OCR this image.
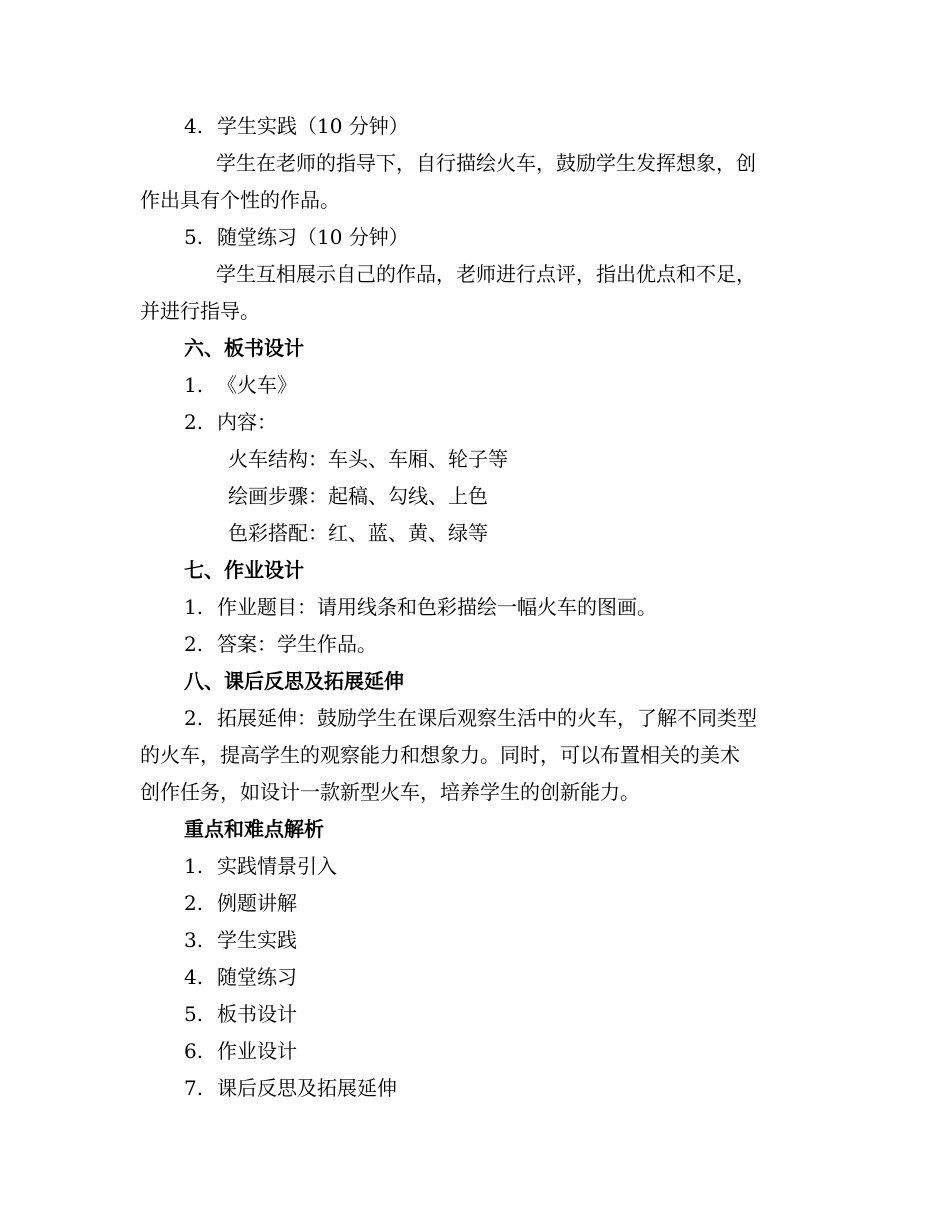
4. 学生实践（10 分钟）
学生在老师的指导下，自行描绘火车，鼓励学生发挥想象，创
作出具有个性的作品。
5. 随堂练习（10 分钟）
学生互相展示自己的作品，老师进行点评，指出优点和不足，
并进行指导。
六、板书设计
1. 《火车》
2. 内容：
火车结构：车头、车厢、轮子等
绘画步骤：起稿、勾线、上色
色彩搭配：红、蓝、黄、绿等
七、作业设计
1. 作业题目：请用线条和色彩描绘一幅火车的图画。
2. 答案：学生作品。
八、课后反思及拓展延伸
2. 拓展延伸：鼓励学生在课后观察生活中的火车，了解不同类型
的火车，提高学生的观察能力和想象力。同时，可以布置相关的美术
创作任务，如设计一款新型火车，培养学生的创新能力。
重点和难点解析
1. 实践情景引入
2. 例题讲解
3. 学生实践
4. 随堂练习
5. 板书设计
6. 作业设计
7. 课后反思及拓展延伸
